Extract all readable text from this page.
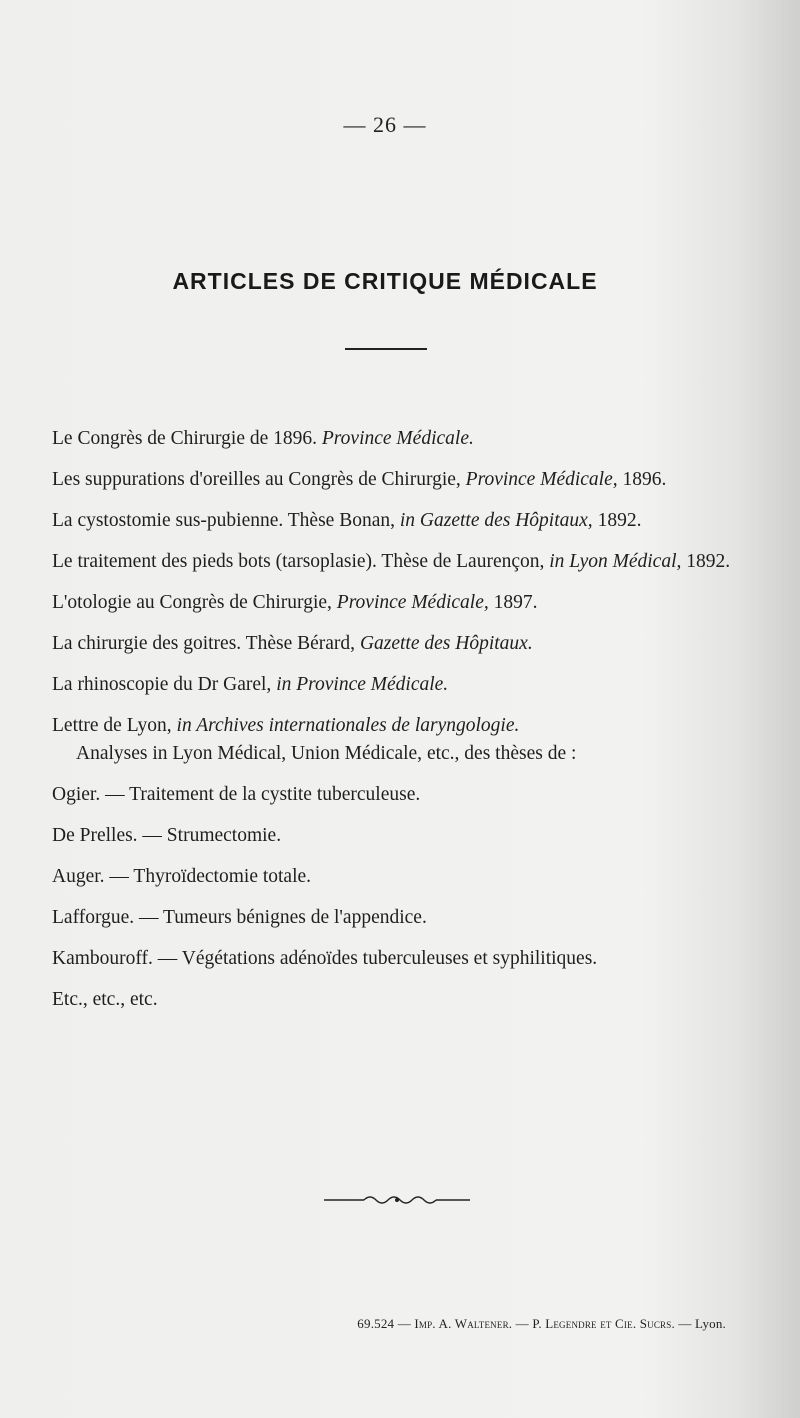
— 26 —
ARTICLES DE CRITIQUE MÉDICALE
Le Congrès de Chirurgie de 1896. Province Médicale.
Les suppurations d'oreilles au Congrès de Chirurgie, Province Médicale, 1896.
La cystostomie sus-pubienne. Thèse Bonan, in Gazette des Hôpitaux, 1892.
Le traitement des pieds bots (tarsoplasie). Thèse de Laurençon, in Lyon Médical, 1892.
L'otologie au Congrès de Chirurgie, Province Médicale, 1897.
La chirurgie des goitres. Thèse Bérard, Gazette des Hôpitaux.
La rhinoscopie du Dr Garel, in Province Médicale.
Lettre de Lyon, in Archives internationales de laryngologie.
Analyses in Lyon Médical, Union Médicale, etc., des thèses de :
Ogier. — Traitement de la cystite tuberculeuse.
De Prelles. — Strumectomie.
Auger. — Thyroïdectomie totale.
Lafforgue. — Tumeurs bénignes de l'appendice.
Kambouroff. — Végétations adénoïdes tuberculeuses et syphilitiques.
Etc., etc., etc.
69.524 — Imp. A. Waltener. — P. Legendre et Cie. Sucrs. — Lyon.
